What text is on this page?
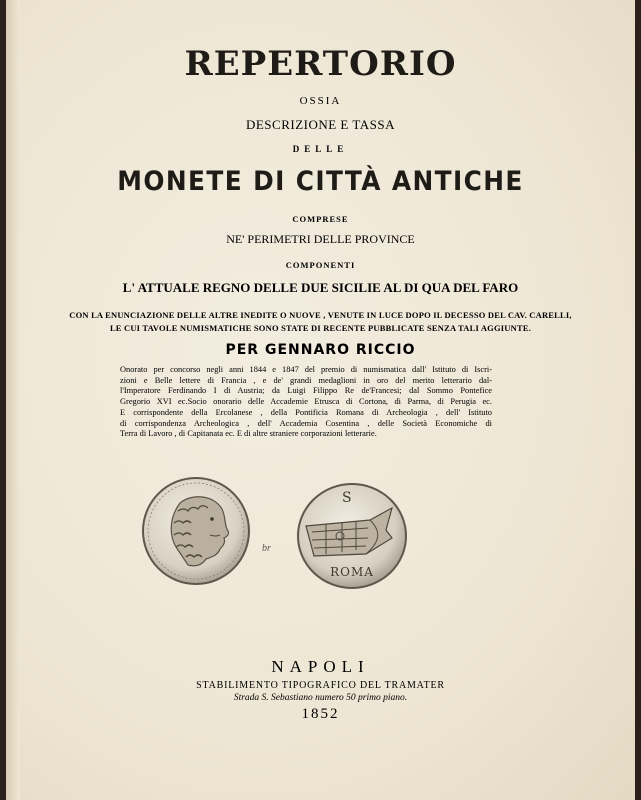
REPERTORIO
OSSIA
DESCRIZIONE E TASSA
DELLE
MONETE DI CITTÀ ANTICHE
COMPRESE
NE' PERIMETRI DELLE PROVINCE
COMPONENTI
L' ATTUALE REGNO DELLE DUE SICILIE AL DI QUA DEL FARO
CON LA ENUNCIAZIONE DELLE ALTRE INEDITE O NUOVE , VENUTE IN LUCE DOPO IL DECESSO DEL CAV. CARELLI,
LE CUI TAVOLE NUMISMATICHE SONO STATE DI RECENTE PUBBLICATE SENZA TALI AGGIUNTE.
PER GENNARO RICCIO
Onorato per concorso negli anni 1844 e 1847 del premio di numismatica dall' Istituto di Iscri-
zioni e Belle lettere di Francia , e de' grandi medaglioni in oro del merito letterario dal-
l'Imperatore Ferdinando I di Austria; da Luigi Filippo Re de'Francesi; dal Sommo Pontefice
Gregorio XVI ec.Socio onorario delle Accademie Etrusca di Cortona, di Parma, di Perugia ec.
E corrispondente della Ercolanese , della Pontificia Romana di Archeologia , dell' Istituto
di corrispondenza Archeologica , dell' Accademia Cosentina , delle Società Economiche di
Terra di Lavoro , di Capitanata ec. E di altre straniere corporazioni letterarie.
S
ROMA
br
NAPOLI
STABILIMENTO TIPOGRAFICO DEL TRAMATER
Strada S. Sebastiano numero 50 primo piano.
1852
